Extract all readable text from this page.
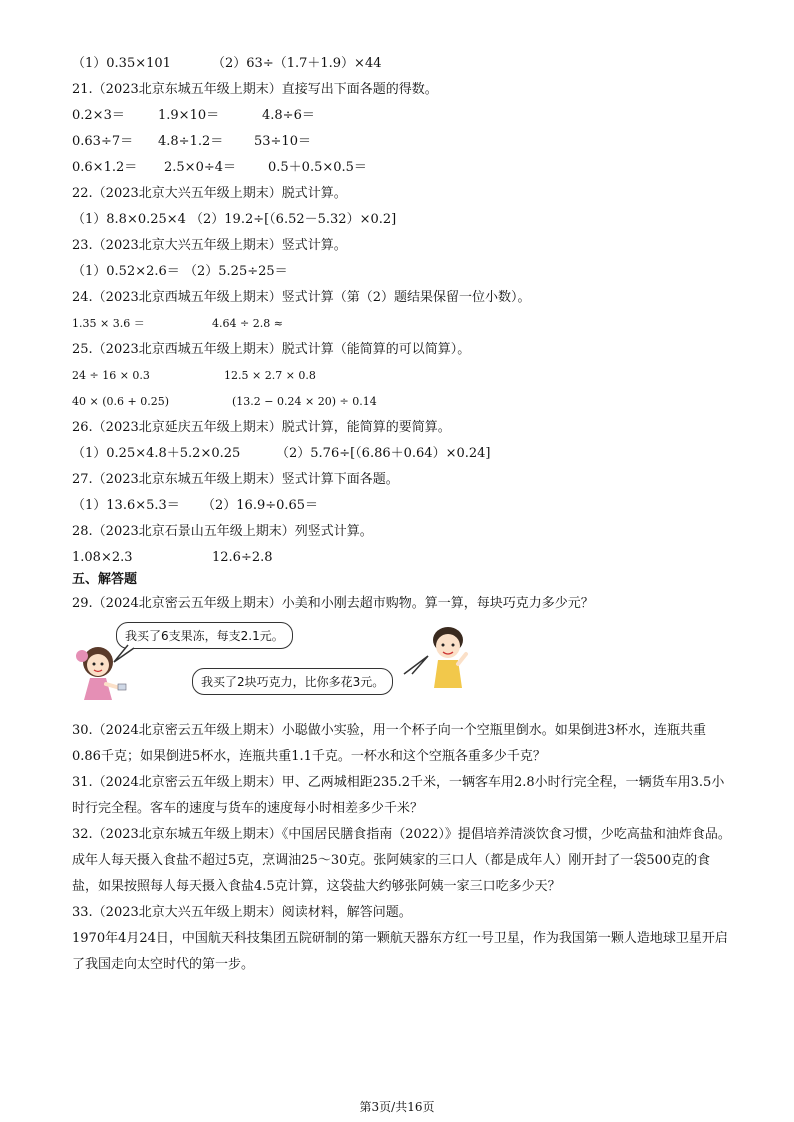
（1）0.35×101	（2）63÷（1.7＋1.9）×44
21.（2023北京东城五年级上期末）直接写出下面各题的得数。
0.2×3＝	1.9×10＝	4.8÷6＝
0.63÷7＝ 4.8÷1.2＝ 53÷10＝
0.6×1.2＝ 2.5×0÷4＝ 0.5＋0.5×0.5＝
22.（2023北京大兴五年级上期末）脱式计算。
（1）8.8×0.25×4 （2）19.2÷[（6.52－5.32）×0.2]
23.（2023北京大兴五年级上期末）竖式计算。
（1）0.52×2.6＝ （2）5.25÷25＝
24.（2023北京西城五年级上期末）竖式计算（第（2）题结果保留一位小数）。
1.35 × 3.6 ＝	4.64 ÷ 2.8 ≈
25.（2023北京西城五年级上期末）脱式计算（能简算的可以简算）。
24 ÷ 16 × 0.3	12.5 × 2.7 × 0.8
40 × (0.6 + 0.25)	(13.2 − 0.24 × 20) ÷ 0.14
26.（2023北京延庆五年级上期末）脱式计算，能简算的要简算。
（1）0.25×4.8＋5.2×0.25	（2）5.76÷[（6.86＋0.64）×0.24]
27.（2023北京东城五年级上期末）竖式计算下面各题。
（1）13.6×5.3＝ （2）16.9÷0.65＝
28.（2023北京石景山五年级上期末）列竖式计算。
1.08×2.3	12.6÷2.8
五、解答题
29.（2024北京密云五年级上期末）小美和小刚去超市购物。算一算，每块巧克力多少元？
我买了6支果冻，每支2.1元。
我买了2块巧克力，比你多花3元。

30.（2024北京密云五年级上期末）小聪做小实验，用一个杯子向一个空瓶里倒水。如果倒进3杯水，连瓶共重0.86千克；如果倒进5杯水，连瓶共重1.1千克。一杯水和这个空瓶各重多少千克？

31.（2024北京密云五年级上期末）甲、乙两城相距235.2千米，一辆客车用2.8小时行完全程，一辆货车用3.5小时行完全程。客车的速度与货车的速度每小时相差多少千米？

32.（2023北京东城五年级上期末）《中国居民膳食指南（2022）》提倡培养清淡饮食习惯，少吃高盐和油炸食品。成年人每天摄入食盐不超过5克，烹调油25～30克。张阿姨家的三口人（都是成年人）刚开封了一袋500克的食盐，如果按照每人每天摄入食盐4.5克计算，这袋盐大约够张阿姨一家三口吃多少天？

33.（2023北京大兴五年级上期末）阅读材料，解答问题。

1970年4月24日，中国航天科技集团五院研制的第一颗航天器东方红一号卫星，作为我国第一颗人造地球卫星开启了我国走向太空时代的第一步。

第3页/共16页
